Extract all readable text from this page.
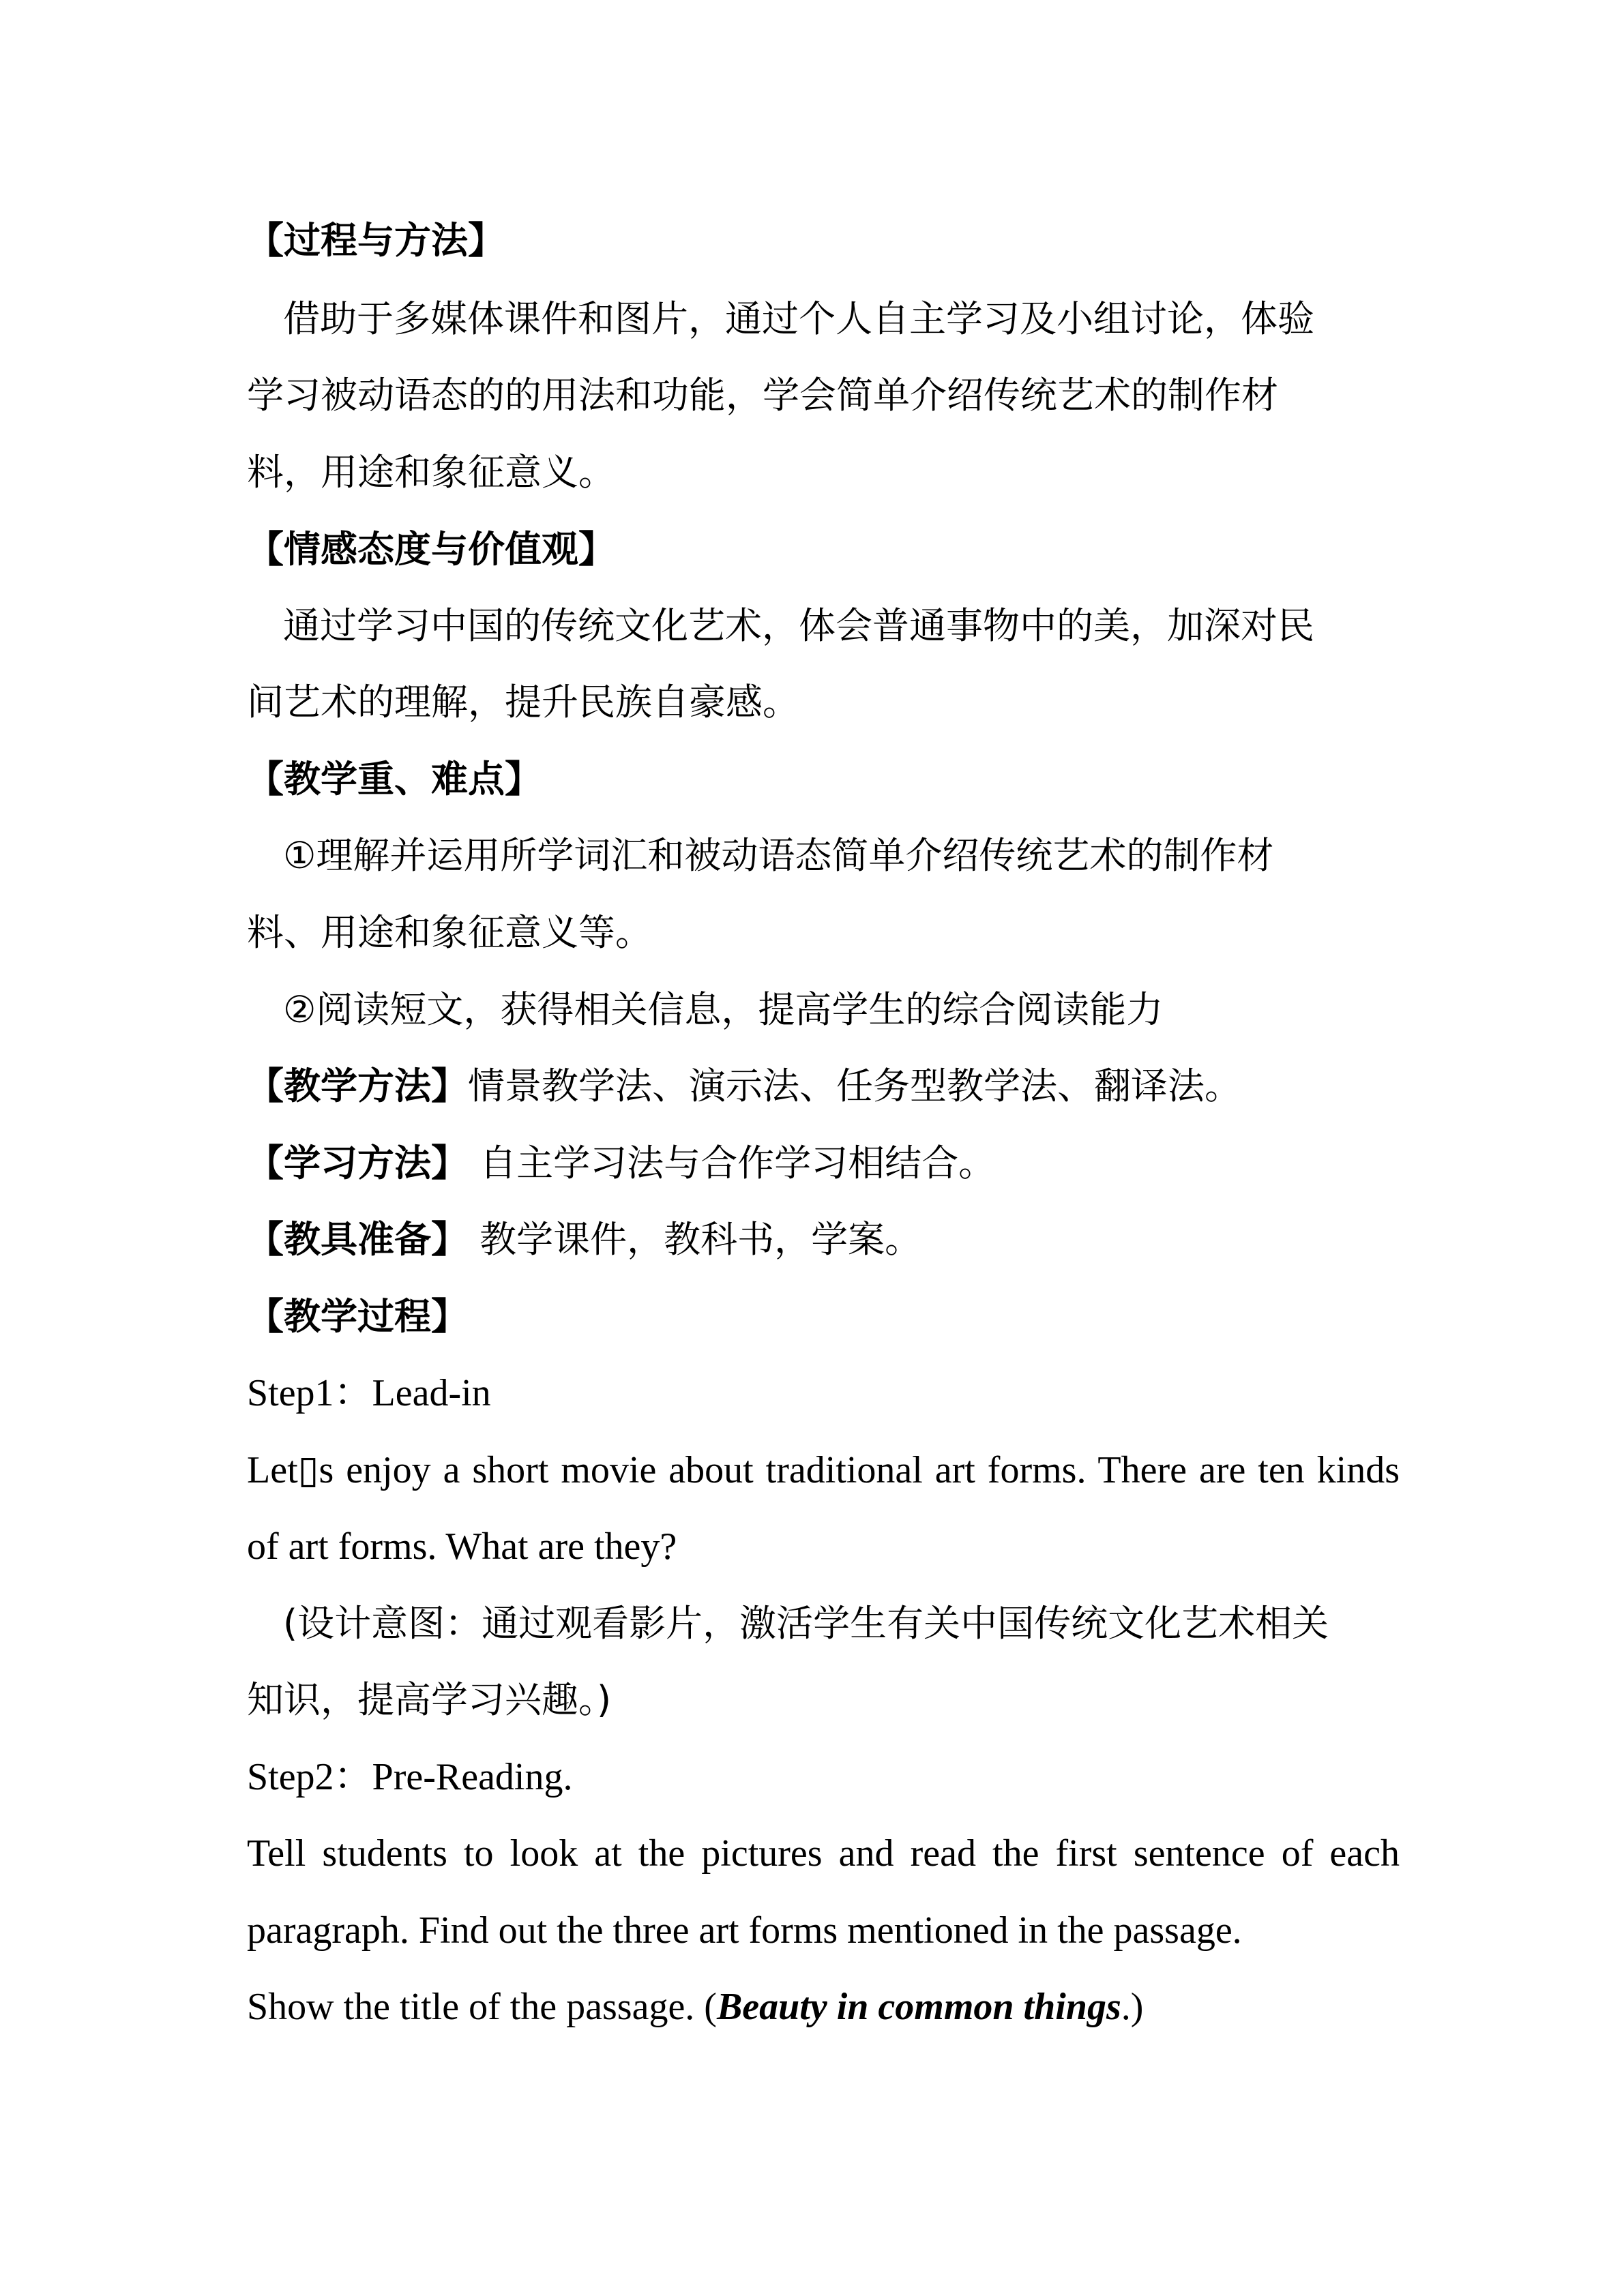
【过程与方法】
借助于多媒体课件和图片，通过个人自主学习及小组讨论，体验
学习被动语态的的用法和功能，学会简单介绍传统艺术的制作材
料，用途和象征意义。
【情感态度与价值观】
通过学习中国的传统文化艺术，体会普通事物中的美，加深对民
间艺术的理解，提升民族自豪感。
【教学重、难点】
①理解并运用所学词汇和被动语态简单介绍传统艺术的制作材
料、用途和象征意义等。
②阅读短文，获得相关信息，提高学生的综合阅读能力
【教学方法】情景教学法、演示法、任务型教学法、翻译法。
【学习方法】 自主学习法与合作学习相结合。
【教具准备】 教学课件，教科书，学案。
【教学过程】
Step1：Lead-in
Let▯s enjoy a short movie about traditional art forms. There are ten kinds
of art forms. What are they?
(设计意图：通过观看影片，激活学生有关中国传统文化艺术相关
知识，提高学习兴趣。)
Step2：Pre-Reading.
Tell students to look at the pictures and read the first sentence of each
paragraph. Find out the three art forms mentioned in the passage.
Show the title of the passage. (Beauty in common things.)
